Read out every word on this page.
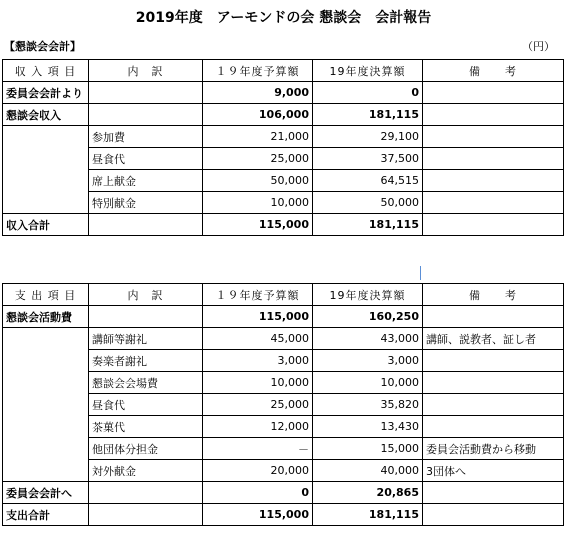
2019年度　アーモンドの会 懇談会　会計報告
【懇談会会計】	（円）
収 入 項 目	内　訳	１９年度予算額	19年度決算額	備　　考
委員会会計より		9,000	0	
懇談会収入		106,000	181,115	
	参加費	21,000	29,100	
	昼食代	25,000	37,500	
	席上献金	50,000	64,515	
	特別献金	10,000	50,000	
収入合計		115,000	181,115	
支 出 項 目	内　訳	１９年度予算額	19年度決算額	備　　考
懇談会活動費		115,000	160,250	
	講師等謝礼	45,000	43,000	講師、説教者、証し者
	奏楽者謝礼	3,000	3,000	
	懇談会会場費	10,000	10,000	
	昼食代	25,000	35,820	
	茶菓代	12,000	13,430	
	他団体分担金	－	15,000	委員会活動費から移動
	対外献金	20,000	40,000	3団体へ
委員会会計へ		0	20,865	
支出合計		115,000	181,115	
